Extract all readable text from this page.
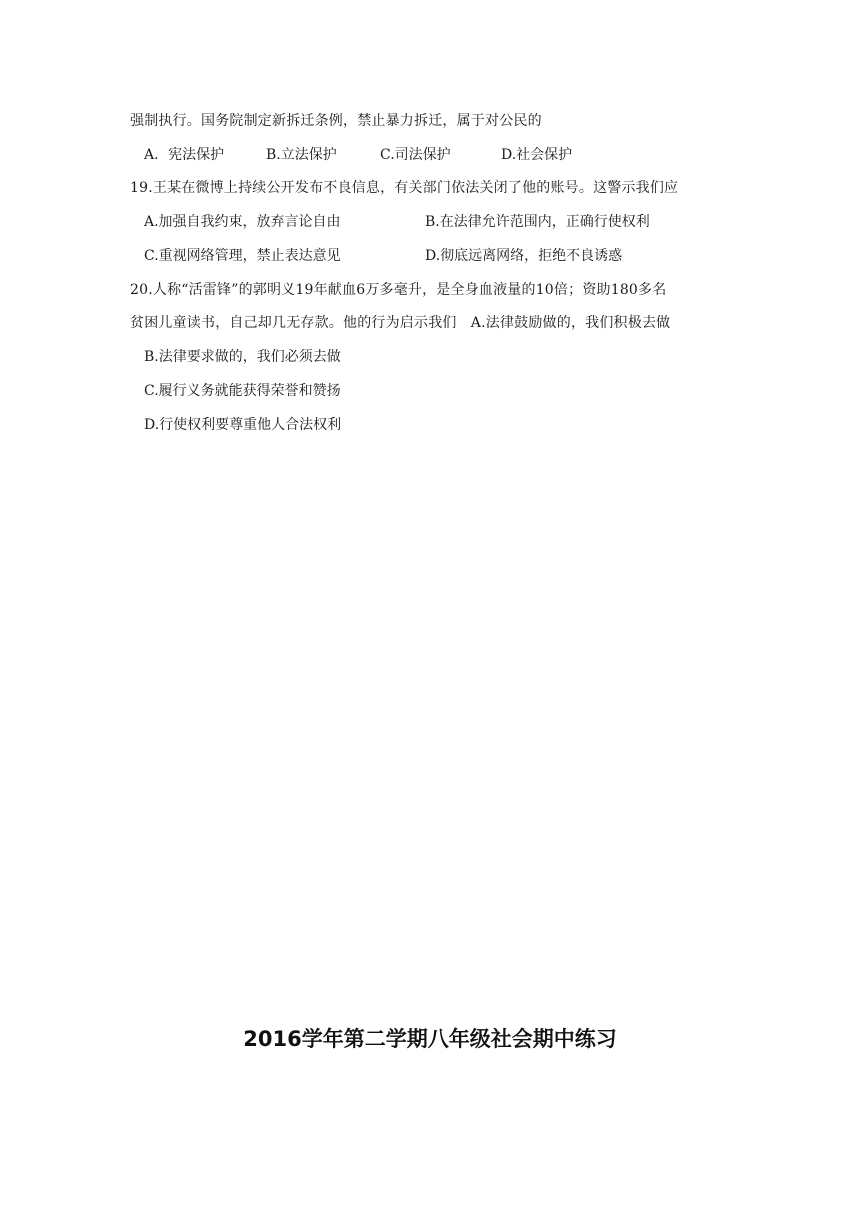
强制执行。国务院制定新拆迁条例，禁止暴力拆迁，属于对公民的
A．宪法保护	B.立法保护	C.司法保护	D.社会保护
19.王某在微博上持续公开发布不良信息，有关部门依法关闭了他的账号。这警示我们应
A.加强自我约束，放弃言论自由	B.在法律允许范围内，正确行使权利
C.重视网络管理，禁止表达意见	D.彻底远离网络，拒绝不良诱惑
20.人称“活雷锋”的郭明义19年献血6万多毫升，是全身血液量的10倍；资助180多名
贫困儿童读书，自己却几无存款。他的行为启示我们　A.法律鼓励做的，我们积极去做
B.法律要求做的，我们必须去做
C.履行义务就能获得荣誉和赞扬
D.行使权利要尊重他人合法权利
2016学年第二学期八年级社会期中练习
